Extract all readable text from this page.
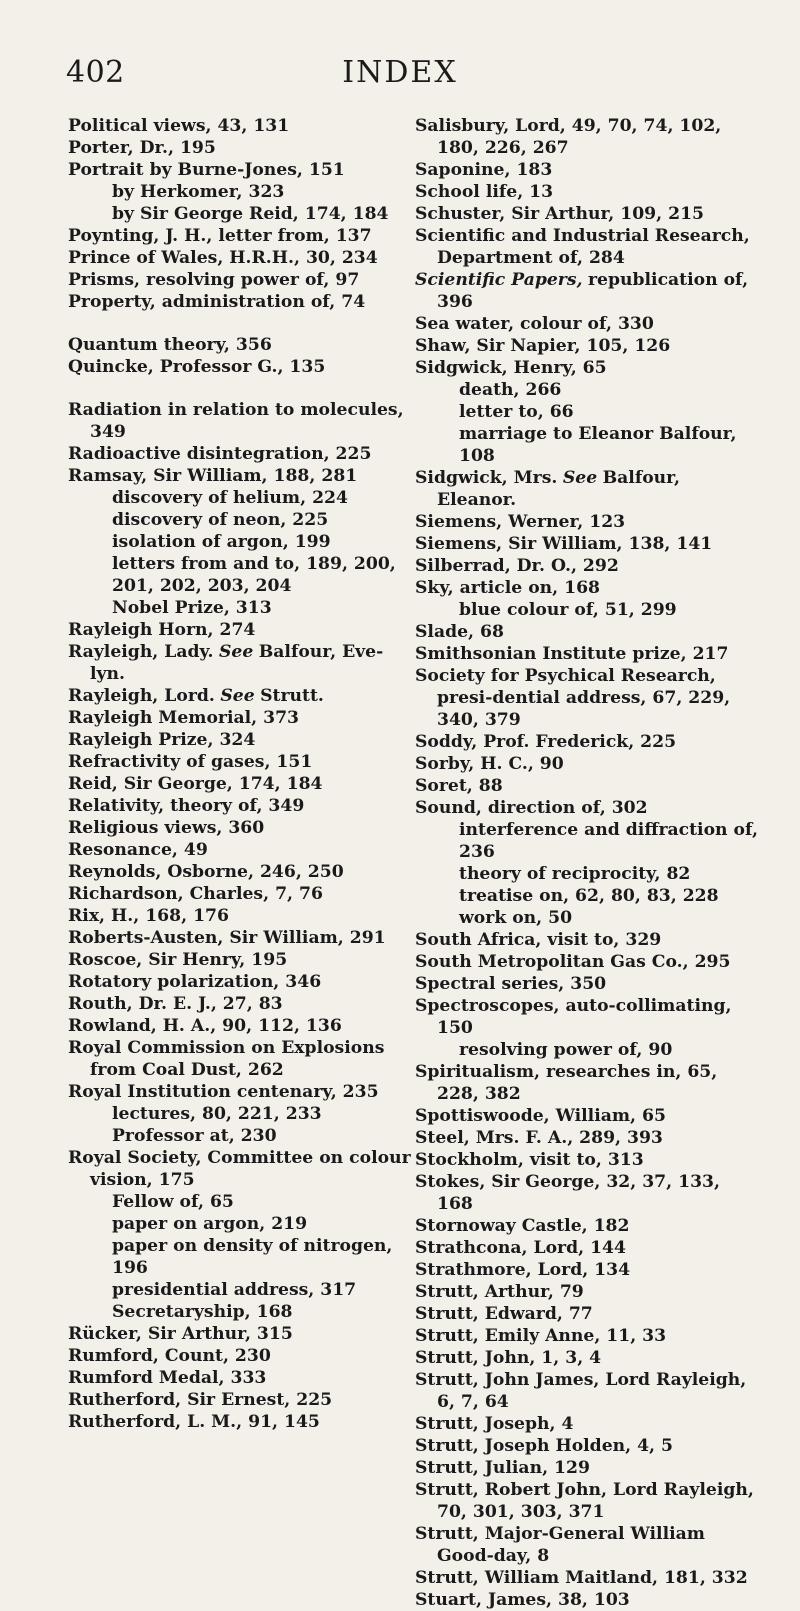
402	INDEX

Political views, 43, 131

Porter, Dr., 195

Portrait by Burne-Jones, 151

by Herkomer, 323

by Sir George Reid, 174, 184

Poynting, J. H., letter from, 137

Prince of Wales, H.R.H., 30, 234

Prisms, resolving power of, 97

Property, administration of, 74

Quantum theory, 356

Quincke, Professor G., 135

Radiation in relation to molecules, 349

Radioactive disintegration, 225

Ramsay, Sir William, 188, 281

discovery of helium, 224

discovery of neon, 225

isolation of argon, 199

letters from and to, 189, 200, 201, 202, 203, 204

Nobel Prize, 313

Rayleigh Horn, 274

Rayleigh, Lady. See Balfour, Eve-lyn.

Rayleigh, Lord. See Strutt.

Rayleigh Memorial, 373

Rayleigh Prize, 324

Refractivity of gases, 151

Reid, Sir George, 174, 184

Relativity, theory of, 349

Religious views, 360

Resonance, 49

Reynolds, Osborne, 246, 250

Richardson, Charles, 7, 76

Rix, H., 168, 176

Roberts-Austen, Sir William, 291

Roscoe, Sir Henry, 195

Rotatory polarization, 346

Routh, Dr. E. J., 27, 83

Rowland, H. A., 90, 112, 136

Royal Commission on Explosions from Coal Dust, 262

Royal Institution centenary, 235

lectures, 80, 221, 233

Professor at, 230

Royal Society, Committee on colour vision, 175

Fellow of, 65

paper on argon, 219

paper on density of nitrogen, 196

presidential address, 317

Secretaryship, 168

Rücker, Sir Arthur, 315

Rumford, Count, 230

Rumford Medal, 333

Rutherford, Sir Ernest, 225

Rutherford, L. M., 91, 145

Salisbury, Lord, 49, 70, 74, 102, 180, 226, 267

Saponine, 183

School life, 13

Schuster, Sir Arthur, 109, 215

Scientific and Industrial Research, Department of, 284

Scientific Papers, republication of, 396

Sea water, colour of, 330

Shaw, Sir Napier, 105, 126

Sidgwick, Henry, 65

death, 266

letter to, 66

marriage to Eleanor Balfour, 108

Sidgwick, Mrs. See Balfour, Eleanor.

Siemens, Werner, 123

Siemens, Sir William, 138, 141

Silberrad, Dr. O., 292

Sky, article on, 168

blue colour of, 51, 299

Slade, 68

Smithsonian Institute prize, 217

Society for Psychical Research, presi-dential address, 67, 229, 340, 379

Soddy, Prof. Frederick, 225

Sorby, H. C., 90

Soret, 88

Sound, direction of, 302

interference and diffraction of, 236

theory of reciprocity, 82

treatise on, 62, 80, 83, 228

work on, 50

South Africa, visit to, 329

South Metropolitan Gas Co., 295

Spectral series, 350

Spectroscopes, auto-collimating, 150

resolving power of, 90

Spiritualism, researches in, 65, 228, 382

Spottiswoode, William, 65

Steel, Mrs. F. A., 289, 393

Stockholm, visit to, 313

Stokes, Sir George, 32, 37, 133, 168

Stornoway Castle, 182

Strathcona, Lord, 144

Strathmore, Lord, 134

Strutt, Arthur, 79

Strutt, Edward, 77

Strutt, Emily Anne, 11, 33

Strutt, John, 1, 3, 4

Strutt, John James, Lord Rayleigh, 6, 7, 64

Strutt, Joseph, 4

Strutt, Joseph Holden, 4, 5

Strutt, Julian, 129

Strutt, Robert John, Lord Rayleigh, 70, 301, 303, 371

Strutt, Major-General William Good-day, 8

Strutt, William Maitland, 181, 332

Stuart, James, 38, 103
